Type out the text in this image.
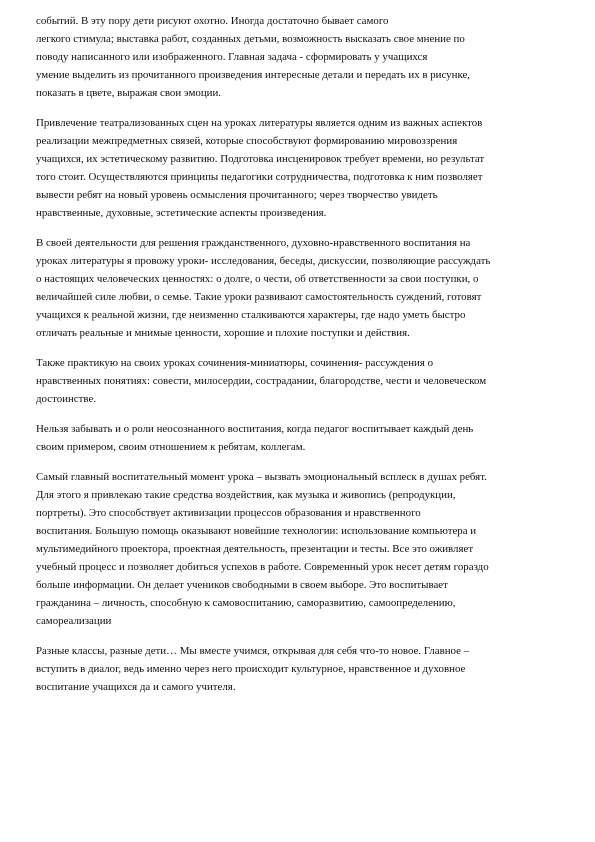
событий. В эту пору дети рисуют охотно. Иногда достаточно бывает самого
легкого стимула; выставка работ, созданных детьми, возможность высказать свое мнение по
поводу написанного или изображенного. Главная задача - сформировать у учащихся
умение выделить из прочитанного произведения интересные детали и передать их в рисунке,
показать в цвете, выражая свои эмоции.

Привлечение театрализованных сцен на уроках литературы является одним из важных аспектов
реализации межпредметных связей, которые способствуют формированию мировоззрения
учащихся, их эстетическому развитию. Подготовка инсценировок требует времени, но результат
того стоит. Осуществляются принципы педагогики сотрудничества, подготовка к ним позволяет
вывести ребят на новый уровень осмысления прочитанного; через творчество увидеть
нравственные, духовные, эстетические аспекты произведения.

В своей деятельности для решения гражданственного, духовно-нравственного воспитания на
уроках литературы я провожу уроки- исследования, беседы, дискуссии, позволяющие рассуждать
о настоящих человеческих ценностях: о долге, о чести, об ответственности за свои поступки, о
величайшей силе любви, о семье. Такие уроки развивают самостоятельность суждений, готовят
учащихся к реальной жизни, где неизменно сталкиваются характеры, где надо уметь быстро
отличать реальные и мнимые ценности, хорошие и плохие поступки и действия.

Также практикую на своих уроках сочинения-миниатюры, сочинения- рассуждения о
нравственных понятиях: совести, милосердии, сострадании, благородстве, чести и человеческом
достоинстве.

Нельзя забывать и о роли неосознанного воспитания, когда педагог воспитывает каждый день
своим примером, своим отношением к ребятам, коллегам.

Самый главный воспитательный момент урока – вызвать эмоциональный всплеск в душах ребят.
Для этого я привлекаю такие средства воздействия, как музыка и живопись (репродукции,
портреты). Это способствует активизации процессов образования и нравственного
воспитания. Большую помощь оказывают новейшие технологии: использование компьютера и
мультимедийного проектора, проектная деятельность, презентации и тесты. Все это оживляет
учебный процесс и позволяет добиться успехов в работе. Современный урок несет детям гораздо
больше информации. Он делает учеников свободными в своем выборе. Это воспитывает
гражданина – личность, способную к самовоспитанию, саморазвитию, самоопределению,
самореализации

Разные классы, разные дети… Мы вместе учимся, открывая для себя что-то новое. Главное –
вступить в диалог, ведь именно через него происходит культурное, нравственное и духовное
воспитание учащихся да и самого учителя.
